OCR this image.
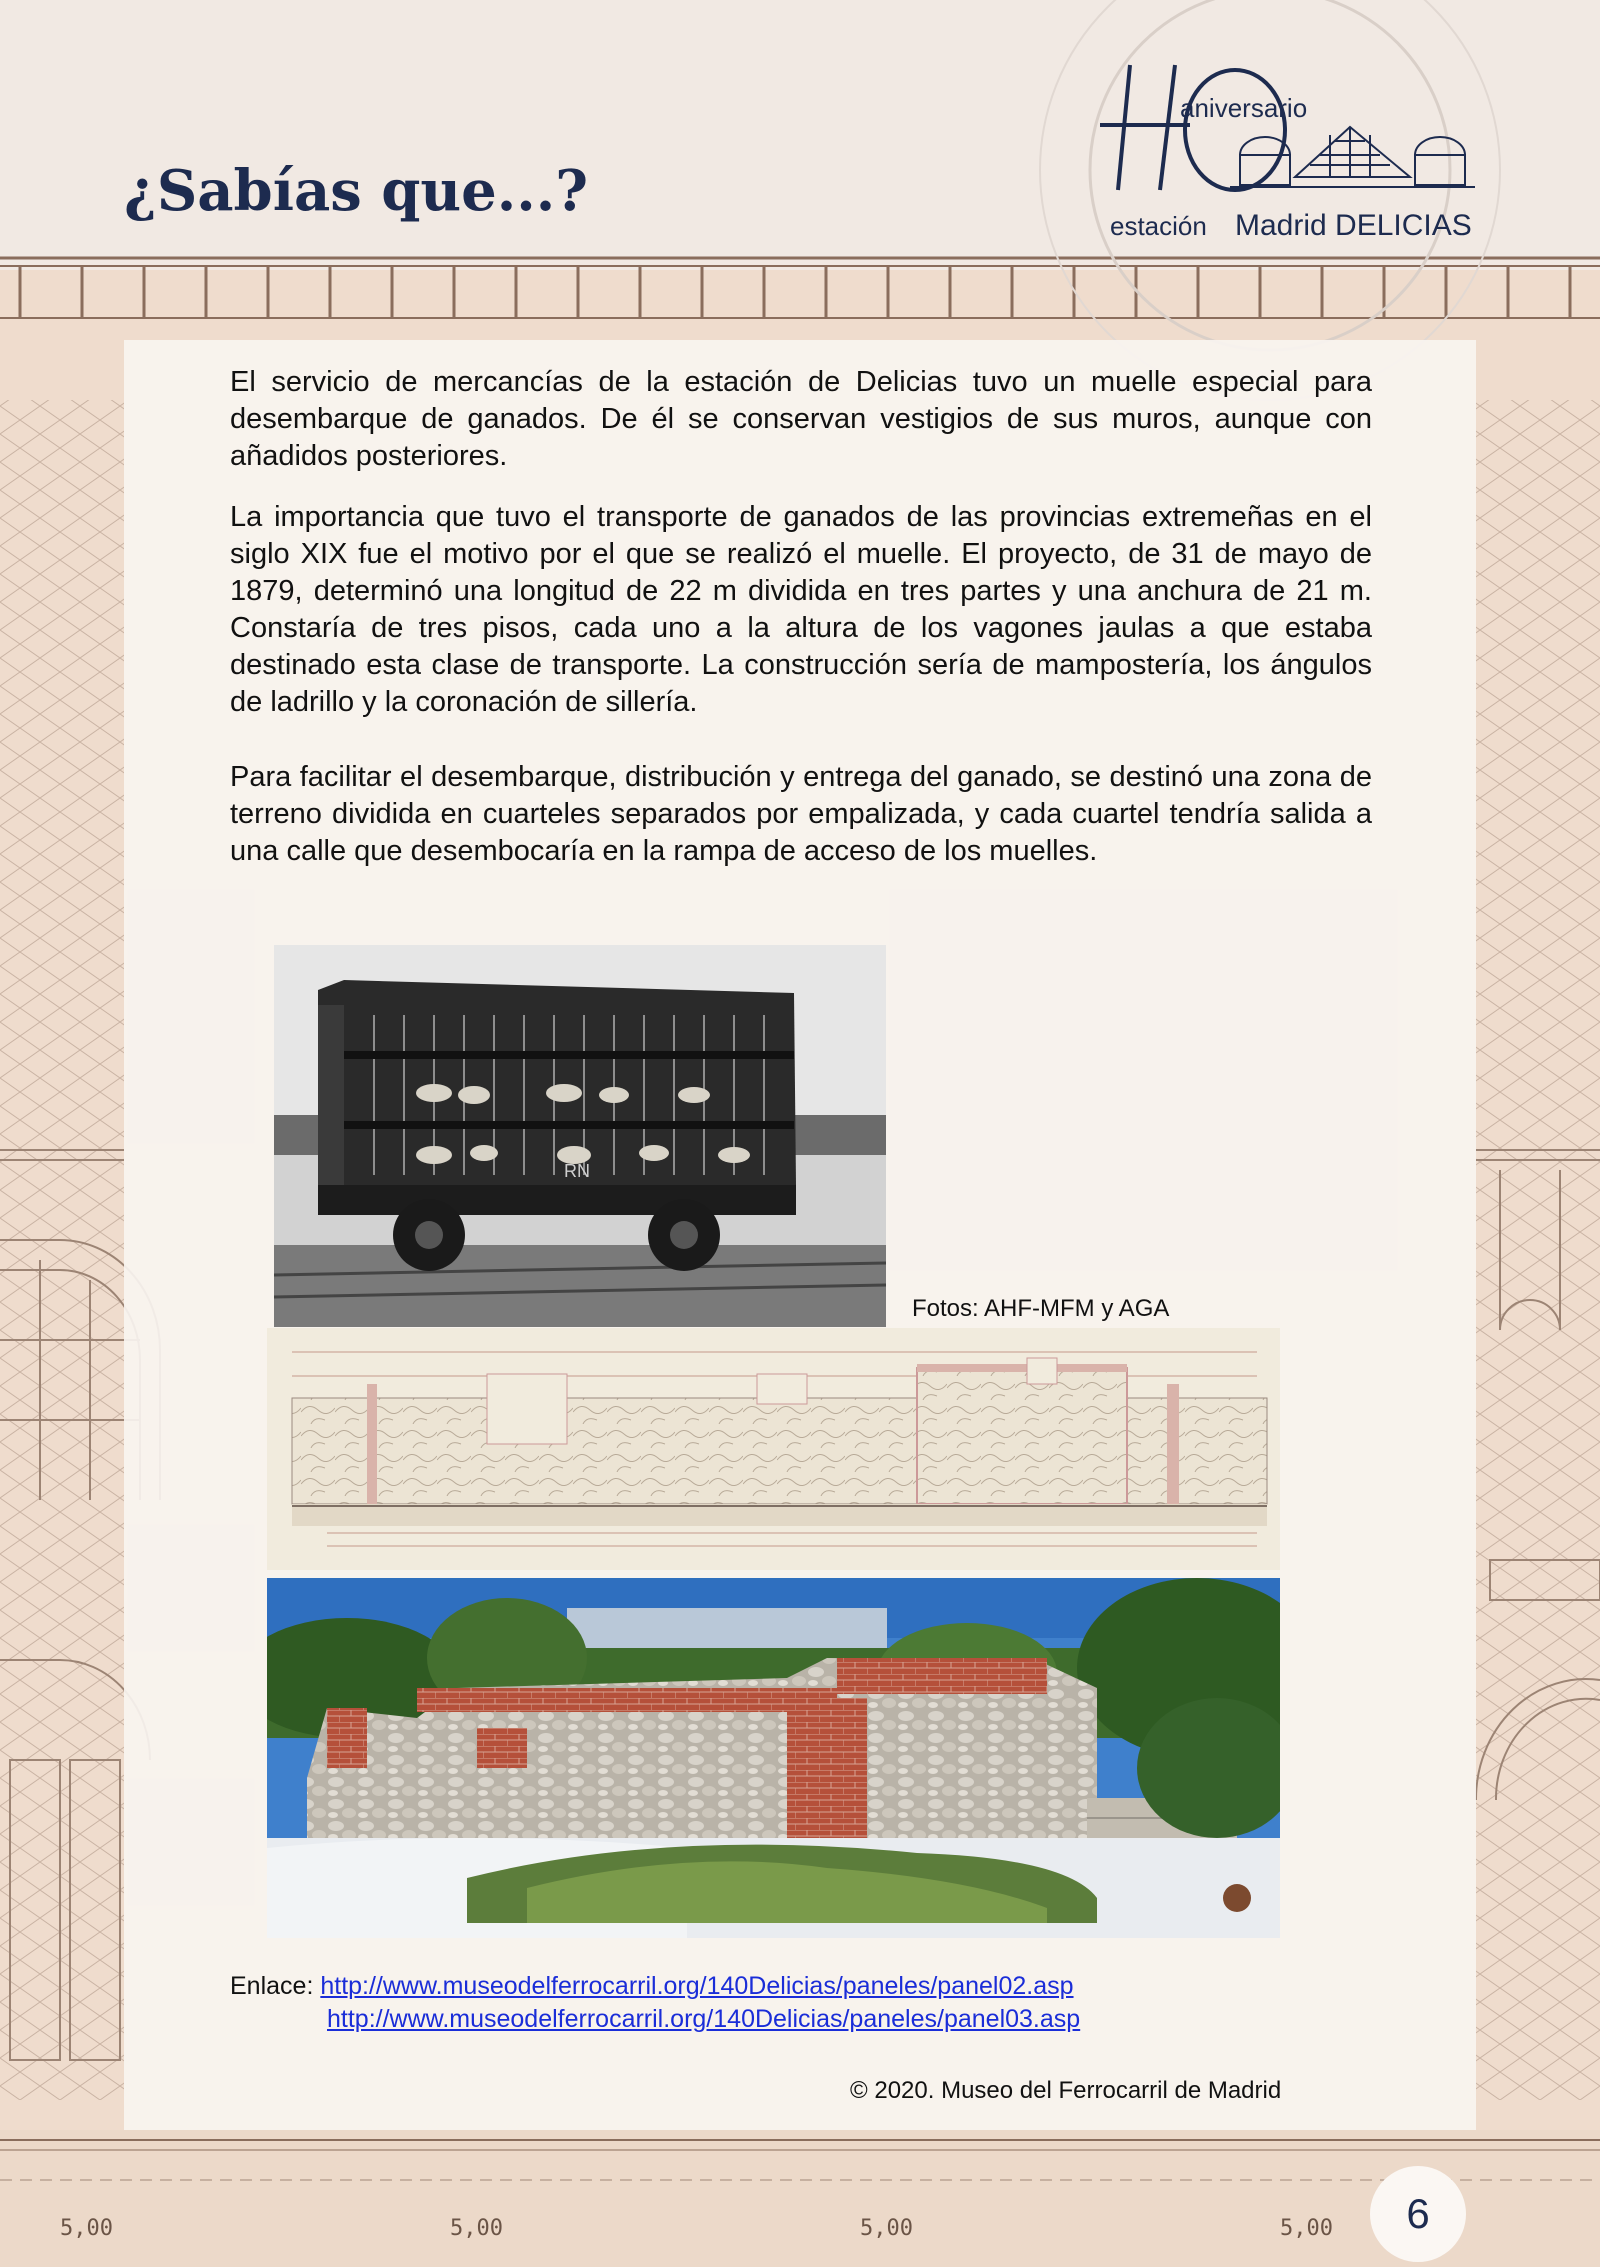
5,00	5,00	5,00	5,00
¿Sabías que...?
aniversario
estación Madrid DELICIAS

El servicio de mercancías de la estación de Delicias tuvo un muelle especial para desembarque de ganados. De él se conservan vestigios de sus muros, aunque con añadidos posteriores.

La importancia que tuvo el transporte de ganados de las provincias extremeñas en el siglo XIX fue el motivo por el que se realizó el muelle. El proyecto, de 31 de mayo de 1879, determinó una longitud de 22 m dividida en tres partes y una anchura de 21 m. Constaría de tres pisos, cada uno a la altura de los vagones jaulas a que estaba destinado esta clase de transporte. La construcción sería de mampostería, los ángulos de ladrillo y la coronación de sillería.

Para facilitar el desembarque, distribución y entrega del ganado, se destinó una zona de terreno dividida en cuarteles separados por empalizada, y cada cuartel tendría salida a una calle que desembocaría en la rampa de acceso de los muelles.

RN
Fotos: AHF-MFM y AGA
Enlace: http://www.museodelferrocarril.org/140Delicias/paneles/panel02.asp
http://www.museodelferrocarril.org/140Delicias/paneles/panel03.asp
© 2020. Museo del Ferrocarril de Madrid
6
